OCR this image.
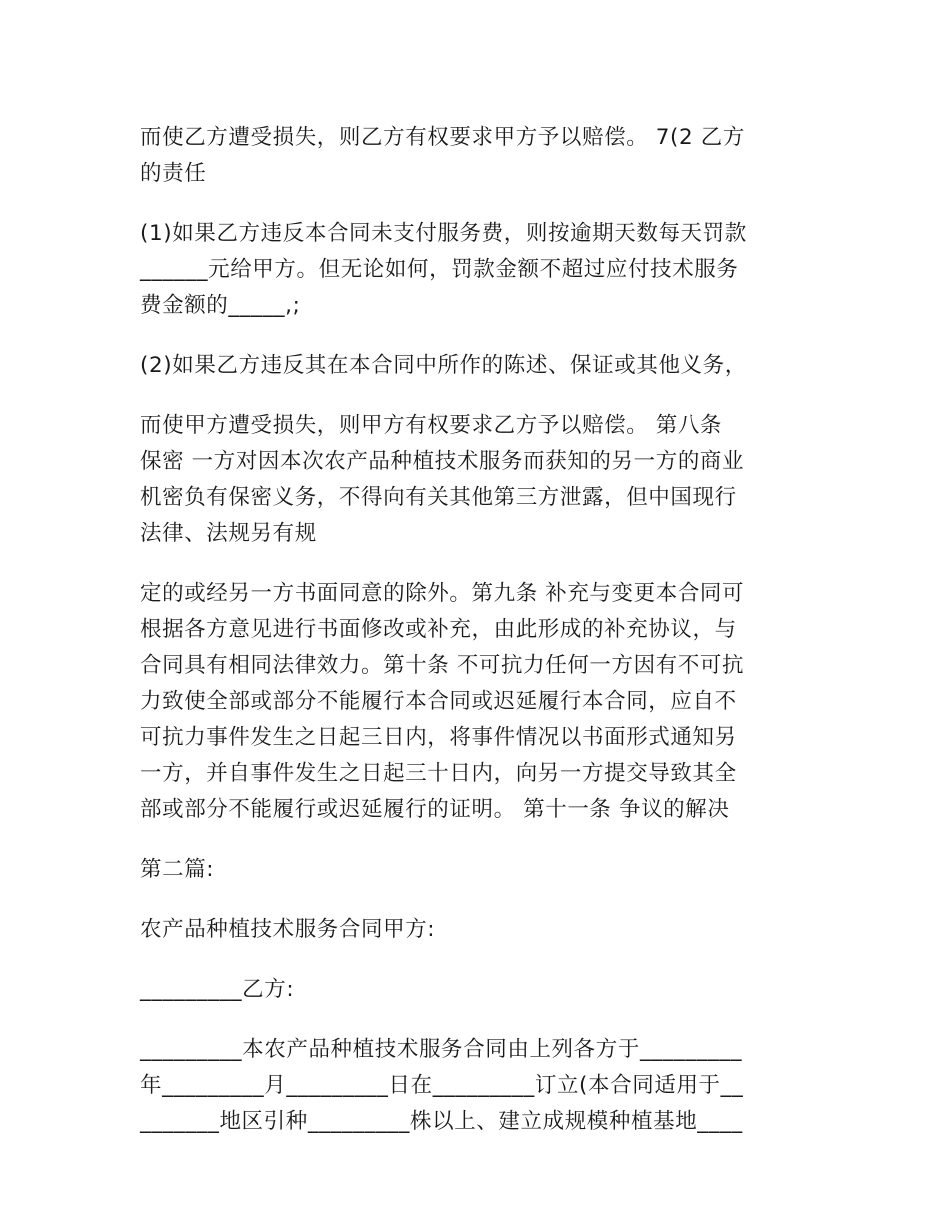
而使乙方遭受损失，则乙方有权要求甲方予以赔偿。 7(2 乙方
的责任
(1)如果乙方违反本合同未支付服务费，则按逾期天数每天罚款
______元给甲方。但无论如何，罚款金额不超过应付技术服务
费金额的_____,;
(2)如果乙方违反其在本合同中所作的陈述、保证或其他义务，
而使甲方遭受损失，则甲方有权要求乙方予以赔偿。 第八条
保密 一方对因本次农产品种植技术服务而获知的另一方的商业
机密负有保密义务，不得向有关其他第三方泄露，但中国现行
法律、法规另有规
定的或经另一方书面同意的除外。第九条 补充与变更本合同可
根据各方意见进行书面修改或补充，由此形成的补充协议，与
合同具有相同法律效力。第十条 不可抗力任何一方因有不可抗
力致使全部或部分不能履行本合同或迟延履行本合同，应自不
可抗力事件发生之日起三日内，将事件情况以书面形式通知另
一方，并自事件发生之日起三十日内，向另一方提交导致其全
部或部分不能履行或迟延履行的证明。 第十一条 争议的解决
第二篇:
农产品种植技术服务合同甲方:
_________乙方:
_________本农产品种植技术服务合同由上列各方于_________
年_________月_________日在_________订立(本合同适用于__
_______地区引种_________株以上、建立成规模种植基地____
